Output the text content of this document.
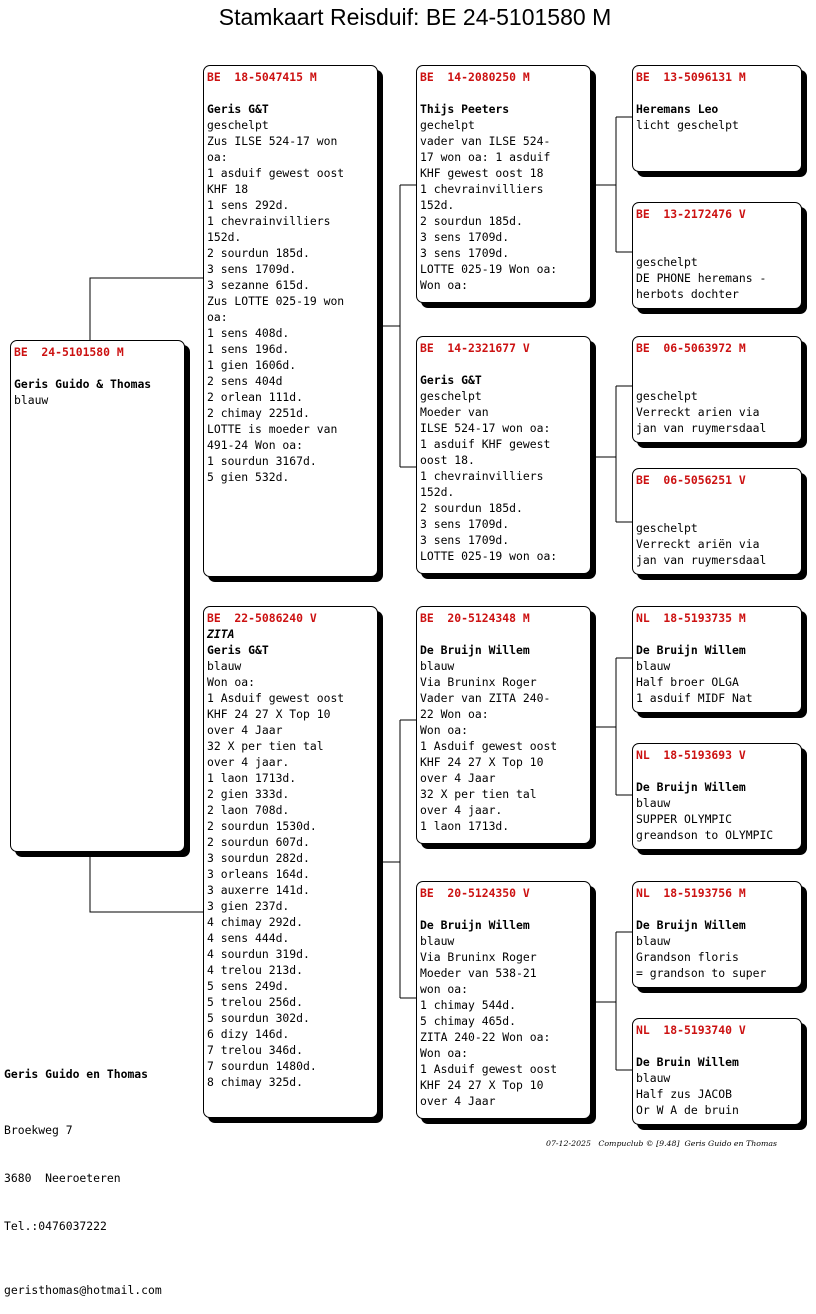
Stamkaart Reisduif: BE 24-5101580 M
BE  24-5101580 M
Geris Guido & Thomas
blauw
BE  18-5047415 M
Geris G&T
geschelpt
Zus ILSE 524-17 won
oa:
1 asduif gewest oost
KHF 18
1 sens 292d.
1 chevrainvilliers
152d.
2 sourdun 185d.
3 sens 1709d.
3 sezanne 615d.
Zus LOTTE 025-19 won
oa:
1 sens 408d.
1 sens 196d.
1 gien 1606d.
2 sens 404d
2 orlean 111d.
2 chimay 2251d.
LOTTE is moeder van
491-24 Won oa:
1 sourdun 3167d.
5 gien 532d.
BE  22-5086240 V
ZITA
Geris G&T
blauw
Won oa:
1 Asduif gewest oost
KHF 24 27 X Top 10
over 4 Jaar
32 X per tien tal
over 4 jaar.
1 laon 1713d.
2 gien 333d.
2 laon 708d.
2 sourdun 1530d.
2 sourdun 607d.
3 sourdun 282d.
3 orleans 164d.
3 auxerre 141d.
3 gien 237d.
4 chimay 292d.
4 sens 444d.
4 sourdun 319d.
4 trelou 213d.
5 sens 249d.
5 trelou 256d.
5 sourdun 302d.
6 dizy 146d.
7 trelou 346d.
7 sourdun 1480d.
8 chimay 325d.
BE  14-2080250 M
Thijs Peeters
gechelpt
vader van ILSE 524-
17 won oa: 1 asduif
KHF gewest oost 18
1 chevrainvilliers
152d.
2 sourdun 185d.
3 sens 1709d.
3 sens 1709d.
LOTTE 025-19 Won oa:
Won oa:
BE  14-2321677 V
Geris G&T
geschelpt
Moeder van
ILSE 524-17 won oa:
1 asduif KHF gewest
oost 18.
1 chevrainvilliers
152d.
2 sourdun 185d.
3 sens 1709d.
3 sens 1709d.
LOTTE 025-19 won oa:
BE  20-5124348 M
De Bruijn Willem
blauw
Via Bruninx Roger
Vader van ZITA 240-
22 Won oa:
Won oa:
1 Asduif gewest oost
KHF 24 27 X Top 10
over 4 Jaar
32 X per tien tal
over 4 jaar.
1 laon 1713d.
BE  20-5124350 V
De Bruijn Willem
blauw
Via Bruninx Roger
Moeder van 538-21
won oa:
1 chimay 544d.
5 chimay 465d.
ZITA 240-22 Won oa:
Won oa:
1 Asduif gewest oost
KHF 24 27 X Top 10
over 4 Jaar
BE  13-5096131 M
Heremans Leo
licht geschelpt
BE  13-2172476 V

geschelpt
DE PHONE heremans -
herbots dochter
BE  06-5063972 M

geschelpt
Verreckt arien via
jan van ruymersdaal
BE  06-5056251 V

geschelpt
Verreckt ariën via
jan van ruymersdaal
NL  18-5193735 M
De Bruijn Willem
blauw
Half broer OLGA
1 asduif MIDF Nat
NL  18-5193693 V
De Bruijn Willem
blauw
SUPPER OLYMPIC
greandson to OLYMPIC
NL  18-5193756 M
De Bruijn Willem
blauw
Grandson floris
= grandson to super
NL  18-5193740 V
De Bruin Willem
blauw
Half zus JACOB
Or W A de bruin

Geris Guido en Thomas

Broekweg 7

3680  Neeroeteren

Tel.:0476037222

geristhomas@hotmail.com

07-12-2025   Compuclub © [9.48]  Geris Guido en Thomas
